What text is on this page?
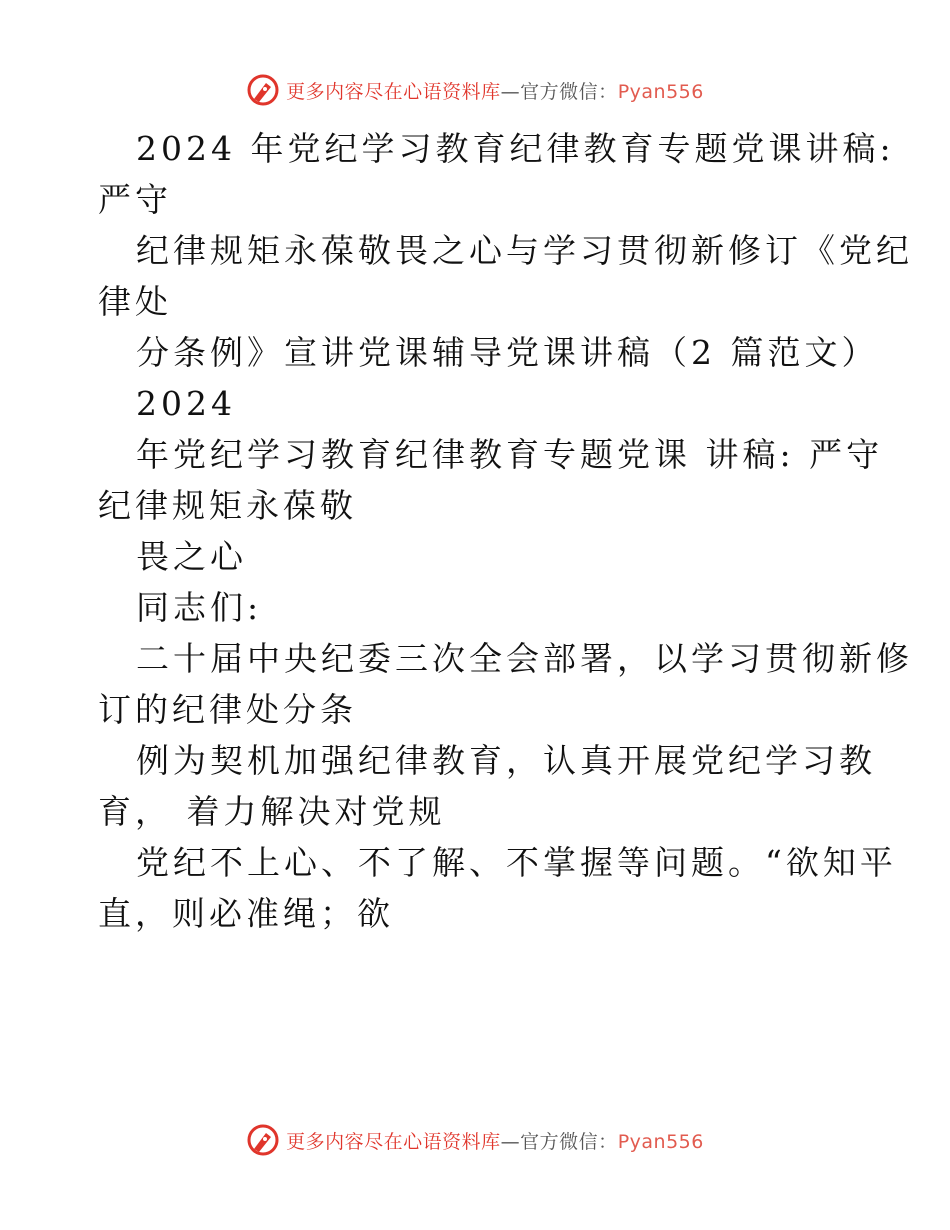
更多内容尽在心语资料库—官方微信：Pyan556
2024 年党纪学习教育纪律教育专题党课讲稿:
严守
纪律规矩永葆敬畏之心与学习贯彻新修订《党纪
律处
分条例》宣讲党课辅导党课讲稿（2 篇范文）
2024
年党纪学习教育纪律教育专题党课 讲稿: 严守
纪律规矩永葆敬
畏之心
同志们:
二十届中央纪委三次全会部署，以学习贯彻新修
订的纪律处分条
例为契机加强纪律教育，认真开展党纪学习教
育， 着力解决对党规
党纪不上心、不了解、不掌握等问题。“欲知平
直，则必准绳；欲
更多内容尽在心语资料库—官方微信：Pyan556
